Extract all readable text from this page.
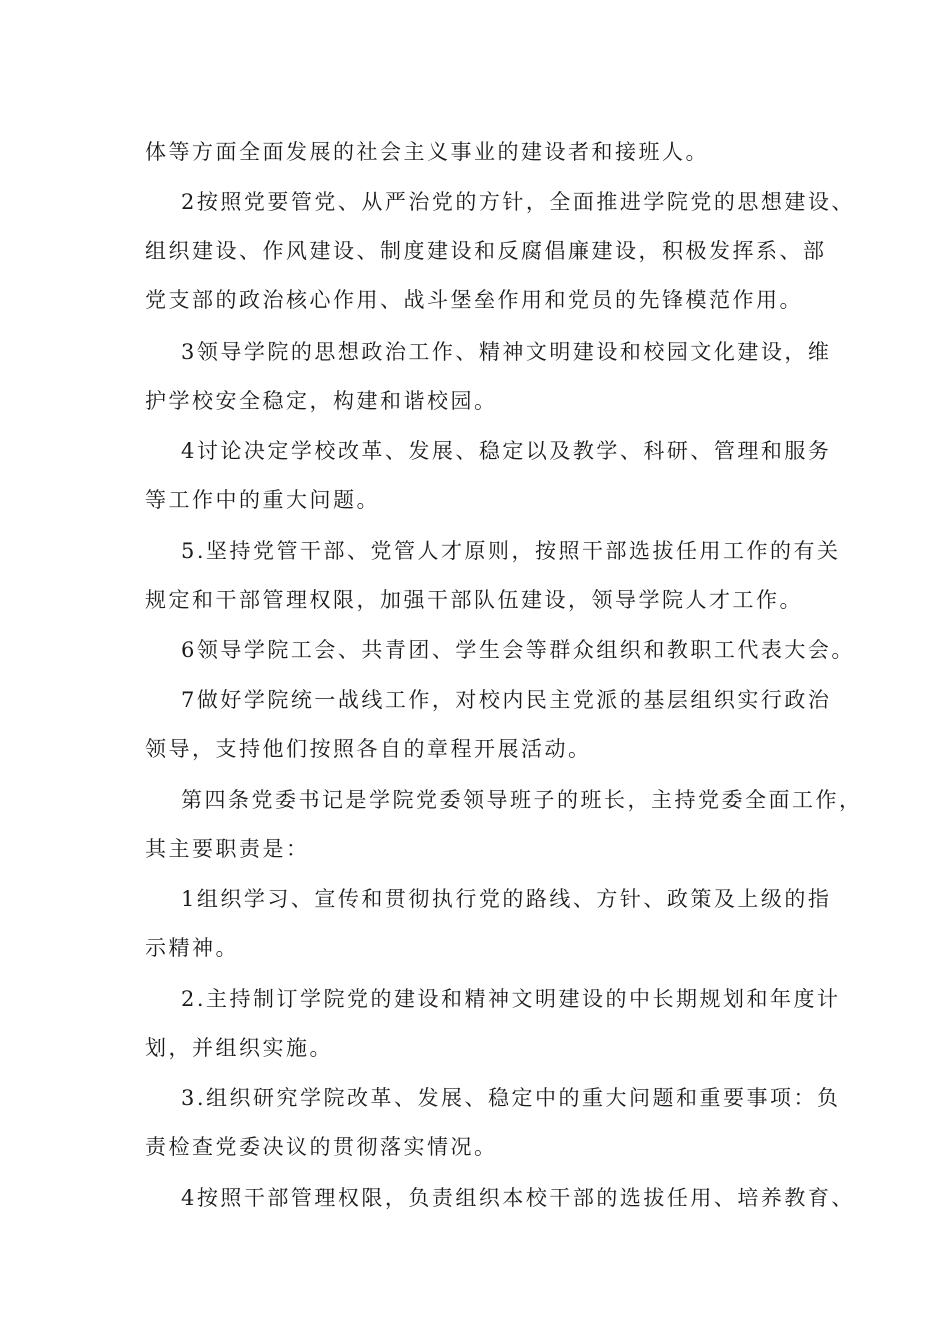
体等方面全面发展的社会主义事业的建设者和接班人。
2按照党要管党、从严治党的方针，全面推进学院党的思想建设、
组织建设、作风建设、制度建设和反腐倡廉建设，积极发挥系、部
党支部的政治核心作用、战斗堡垒作用和党员的先锋模范作用。
3领导学院的思想政治工作、精神文明建设和校园文化建设，维
护学校安全稳定，构建和谐校园。
4讨论决定学校改革、发展、稳定以及教学、科研、管理和服务
等工作中的重大问题。
5.坚持党管干部、党管人才原则，按照干部选拔任用工作的有关
规定和干部管理权限，加强干部队伍建设，领导学院人才工作。
6领导学院工会、共青团、学生会等群众组织和教职工代表大会。
7做好学院统一战线工作，对校内民主党派的基层组织实行政治
领导，支持他们按照各自的章程开展活动。
第四条党委书记是学院党委领导班子的班长，主持党委全面工作，
其主要职责是：
1组织学习、宣传和贯彻执行党的路线、方针、政策及上级的指
示精神。
2.主持制订学院党的建设和精神文明建设的中长期规划和年度计
划，并组织实施。
3.组织研究学院改革、发展、稳定中的重大问题和重要事项：负
责检查党委决议的贯彻落实情况。
4按照干部管理权限，负责组织本校干部的选拔任用、培养教育、
